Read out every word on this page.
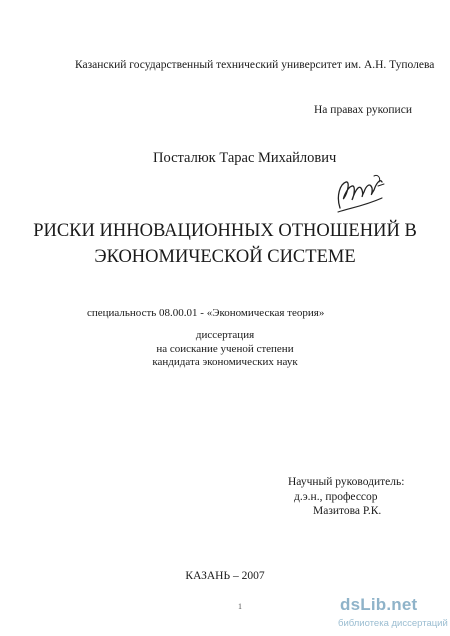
Казанский государственный технический университет им. А.Н. Туполева
На правах рукописи
Посталюк Тарас Михайлович
РИСКИ ИННОВАЦИОННЫХ ОТНОШЕНИЙ В
ЭКОНОМИЧЕСКОЙ СИСТЕМЕ
специальность 08.00.01 - «Экономическая теория»
диссертация
на соискание ученой степени
кандидата экономических наук
Научный руководитель:
д.э.н., профессор
Мазитова Р.К.
КАЗАНЬ – 2007
1	dsLib.net
библиотека диссертаций
